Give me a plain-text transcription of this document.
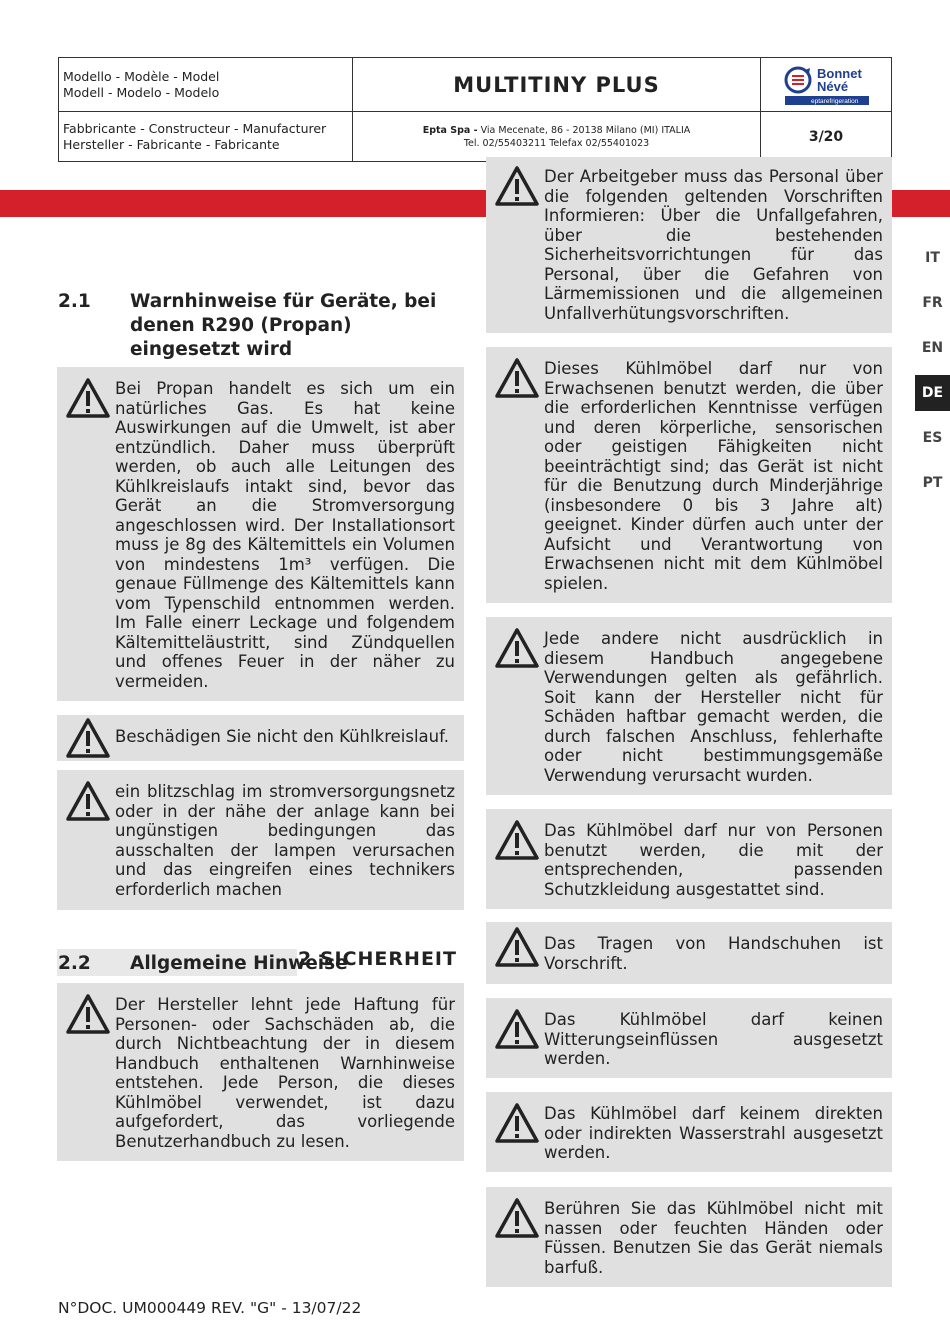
Modello - Modèle - Model
Modell - Modelo - Modelo	MULTITINY PLUS	Bonnet
Névé
eptarefrigeration
Fabbricante - Constructeur - Manufacturer
Hersteller - Fabricante - Fabricante
Epta Spa - Via Mecenate, 86 - 20138 Milano (MI) ITALIA
Tel. 02/55403211 Telefax 02/55401023	3/20
IT
FR
EN
DE
ES
PT
2.1 Warnhinweise für Geräte, bei
denen R290 (Propan)
eingesetzt wird
Bei Propan handelt es sich um ein natürliches Gas. Es hat keine Auswirkungen auf die Umwelt, ist aber entzündlich. Daher muss überprüft werden, ob auch alle Leitungen des Kühlkreislaufs intakt sind, bevor das Gerät an die Stromversorgung angeschlossen wird. Der Installationsort muss je 8g des Kältemittels ein Volumen von mindestens 1m³ verfügen. Die genaue Füllmenge des Kältemittels kann vom Typenschild entnommen werden. Im Falle einerr Leckage und folgendem Kältemitteläustritt, sind Zündquellen und offenes Feuer in der näher zu vermeiden.
Beschädigen Sie nicht den Kühlkreislauf.
ein blitzschlag im stromversorgungsnetz oder in der nähe der anlage kann bei ungünstigen bedingungen das ausschalten der lampen verursachen und das eingreifen eines technikers erforderlich machen
2.2 Allgemeine Hinweise
2 SICHERHEIT
Der Hersteller lehnt jede Haftung für Personen- oder Sachschäden ab, die durch Nichtbeachtung der in diesem Handbuch enthaltenen Warnhinweise entstehen. Jede Person, die dieses Kühlmöbel verwendet, ist dazu aufgefordert, das vorliegende Benutzerhandbuch zu lesen.
Der Arbeitgeber muss das Personal über die folgenden geltenden Vorschriften Informieren: Über die Unfallgefahren, über die bestehenden Sicherheitsvorrichtungen für das Personal, über die Gefahren von Lärmemissionen und die allgemeinen Unfallverhütungsvorschriften.
Dieses Kühlmöbel darf nur von Erwachsenen benutzt werden, die über die erforderlichen Kenntnisse verfügen und deren körperliche, sensorischen oder geistigen Fähigkeiten nicht beeinträchtigt sind; das Gerät ist nicht für die Benutzung durch Minderjährige (insbesondere 0 bis 3 Jahre alt) geeignet. Kinder dürfen auch unter der Aufsicht und Verantwortung von Erwachsenen nicht mit dem Kühlmöbel spielen.
Jede andere nicht ausdrücklich in diesem Handbuch angegebene Verwendungen gelten als gefährlich. Soit kann der Hersteller nicht für Schäden haftbar gemacht werden, die durch falschen Anschluss, fehlerhafte oder nicht bestimmungsgemäße Verwendung verursacht wurden.
Das Kühlmöbel darf nur von Personen benutzt werden, die mit der entsprechenden, passenden Schutzkleidung ausgestattet sind.
Das Tragen von Handschuhen ist Vorschrift.
Das Kühlmöbel darf keinen Witterungseinflüssen ausgesetzt werden.
Das Kühlmöbel darf keinem direkten oder indirekten Wasserstrahl ausgesetzt werden.
Berühren Sie das Kühlmöbel nicht mit nassen oder feuchten Händen oder Füssen. Benutzen Sie das Gerät niemals barfuß.
N°DOC. UM000449 REV. "G" - 13/07/22
